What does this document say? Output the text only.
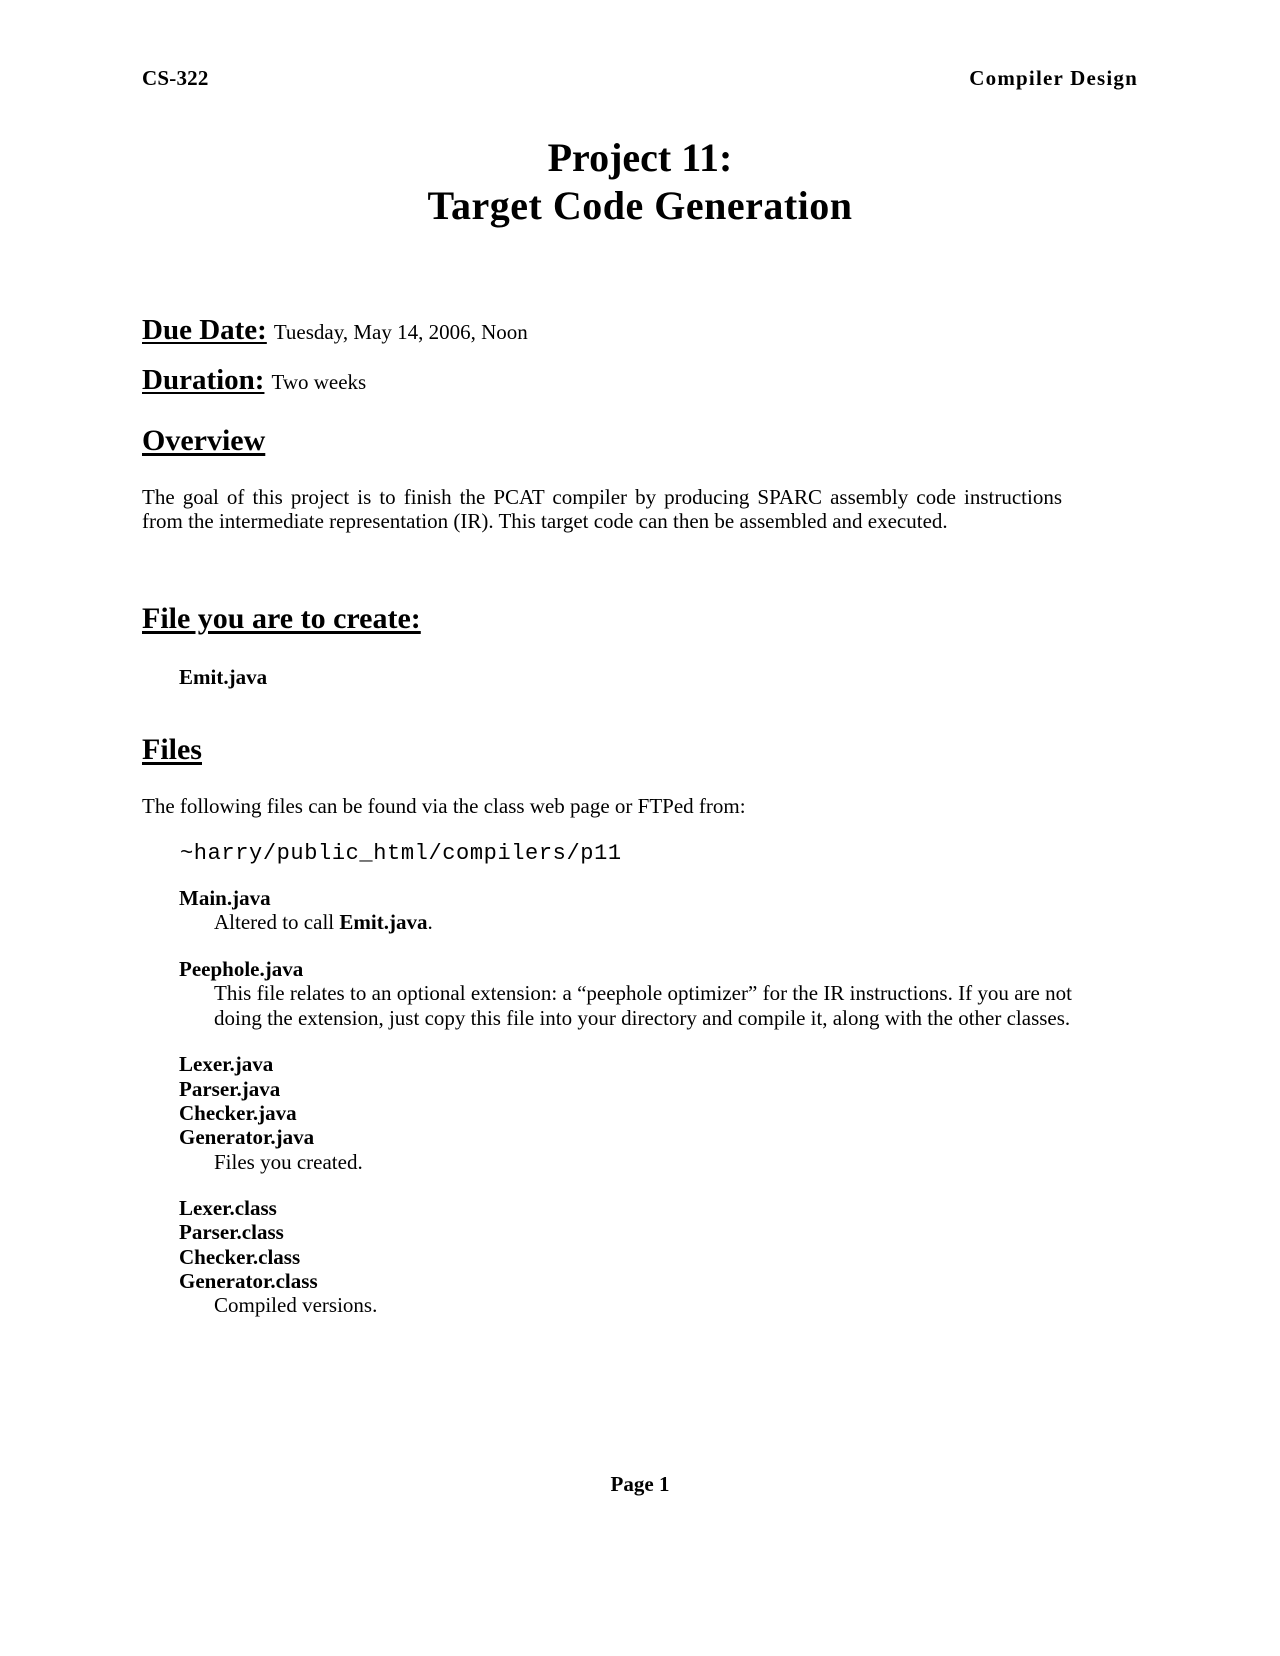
CS-322	Compiler Design
Project 11:
Target Code Generation
Due Date: Tuesday, May 14, 2006, Noon
Duration: Two weeks
Overview
The goal of this project is to finish the PCAT compiler by producing SPARC assembly code instructions from the intermediate representation (IR). This target code can then be assembled and executed.
File you are to create:
Emit.java
Files
The following files can be found via the class web page or FTPed from:
~harry/public_html/compilers/p11
Main.java
Altered to call Emit.java.
Peephole.java
This file relates to an optional extension: a “peephole optimizer” for the IR instructions. If you are not doing the extension, just copy this file into your directory and compile it, along with the other classes.
Lexer.java
Parser.java
Checker.java
Generator.java
Files you created.
Lexer.class
Parser.class
Checker.class
Generator.class
Compiled versions.
Page 1
